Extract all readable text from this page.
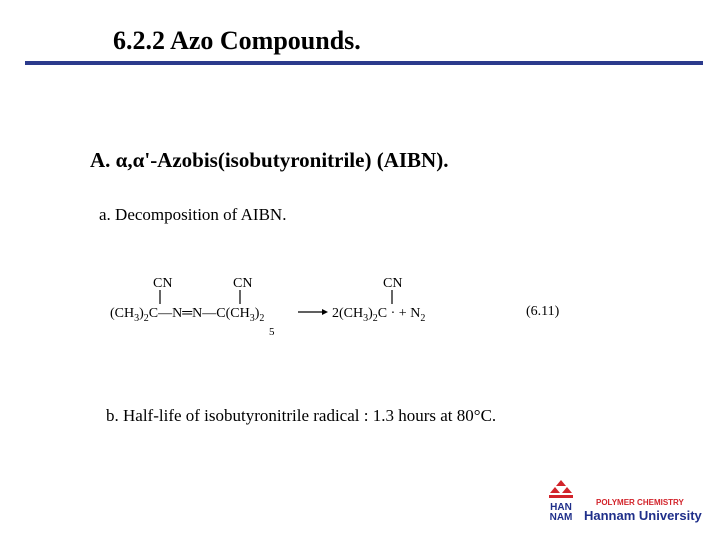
6.2.2 Azo Compounds.
A. α,α'-Azobis(isobutyronitrile) (AIBN).
a. Decomposition of AIBN.
CN	CN	CN
$(CH_3)_2C—N═N—C(CH_3)_2$
5
$2(CH_3)_2C$ · + $N_2$	(6.11)
b. Half-life of isobutyronitrile radical : 1.3 hours at 80°C.
HAN
NAM
POLYMER CHEMISTRY
Hannam University
